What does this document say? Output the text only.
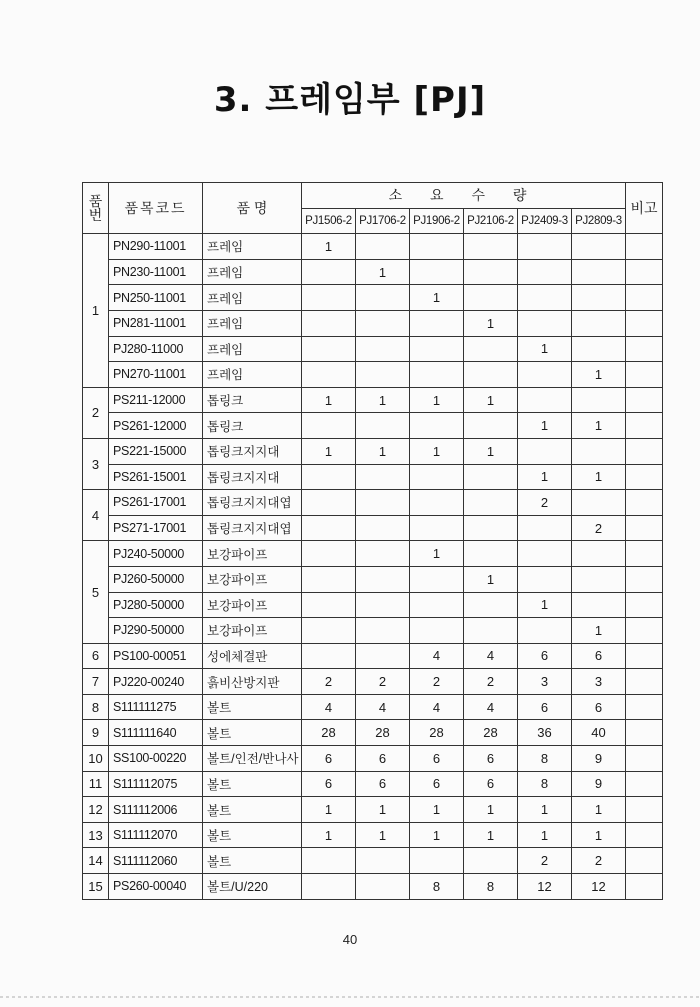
3. 프레임부 [PJ]
품번	품목코드	품 명	소 요 수 량						비고
			PJ1506-2	PJ1706-2	PJ1906-2	PJ2106-2	PJ2409-3	PJ2809-3	
1	PN290-11001	프레임	1						
	PN230-11001	프레임		1					
	PN250-11001	프레임			1				
	PN281-11001	프레임				1			
	PJ280-11000	프레임					1		
	PN270-11001	프레임						1	
2	PS211-12000	톱링크	1	1	1	1			
	PS261-12000	톱링크					1	1	
3	PS221-15000	톱링크지지대	1	1	1	1			
	PS261-15001	톱링크지지대					1	1	
4	PS261-17001	톱링크지지대엽					2		
	PS271-17001	톱링크지지대엽						2	
5	PJ240-50000	보강파이프			1				
	PJ260-50000	보강파이프				1			
	PJ280-50000	보강파이프					1		
	PJ290-50000	보강파이프						1	
6	PS100-00051	성에체결판			4	4	6	6	
7	PJ220-00240	흙비산방지판	2	2	2	2	3	3	
8	S111111275	볼트	4	4	4	4	6	6	
9	S111111640	볼트	28	28	28	28	36	40	
10	SS100-00220	볼트/인전/반나사	6	6	6	6	8	9	
11	S111112075	볼트	6	6	6	6	8	9	
12	S111112006	볼트	1	1	1	1	1	1	
13	S111112070	볼트	1	1	1	1	1	1	
14	S111112060	볼트					2	2	
15	PS260-00040	볼트/U/220			8	8	12	12	
40
